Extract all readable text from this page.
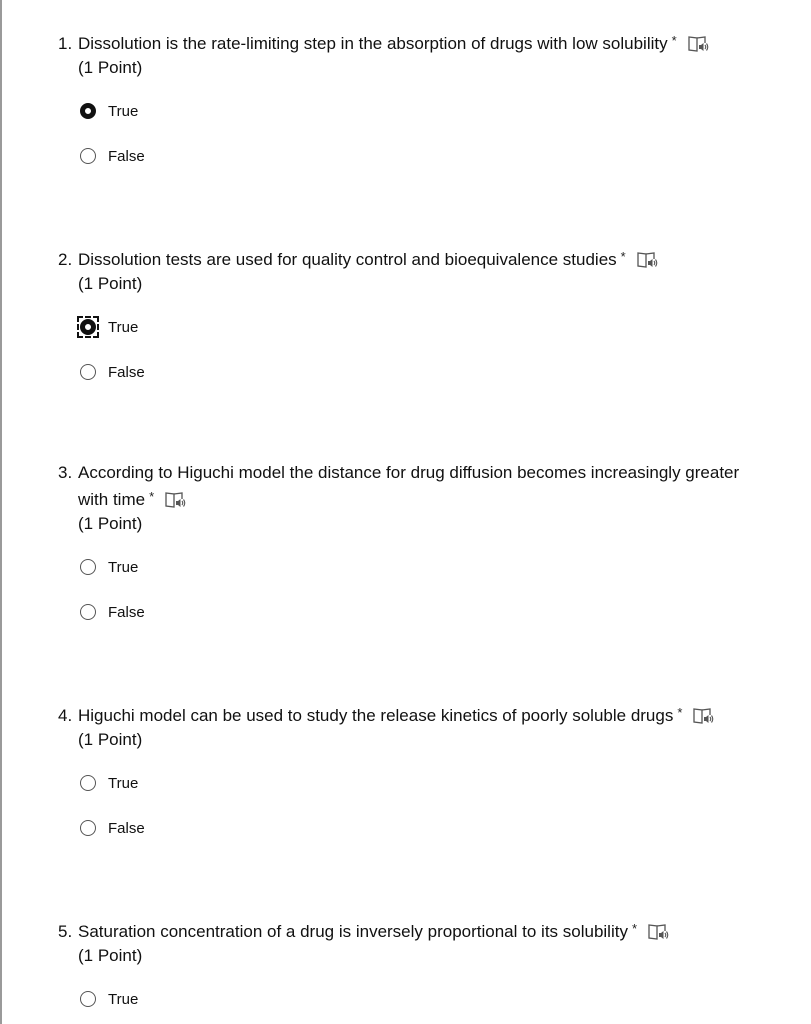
1. Dissolution is the rate-limiting step in the absorption of drugs with low solubility *
(1 Point)
True
False
2. Dissolution tests are used for quality control and bioequivalence studies *
(1 Point)
True
False
3. According to Higuchi model the distance for drug diffusion becomes increasingly greater
with time *
(1 Point)
True
False
4. Higuchi model can be used to study the release kinetics of poorly soluble drugs *
(1 Point)
True
False
5. Saturation concentration of a drug is inversely proportional to its solubility *
(1 Point)
True
